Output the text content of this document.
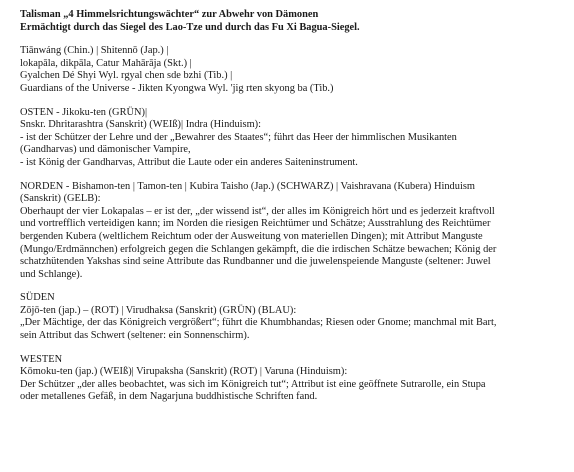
Talisman „4 Himmelsrichtungswächter“ zur Abwehr von Dämonen
Ermächtigt durch das Siegel des Lao-Tze und durch das Fu Xi Bagua-Siegel.
Tiānwáng (Chin.) | Shitennō (Jap.) |
lokapāla, dikpāla, Catur Mahārāja (Skt.) |
Gyalchen Dé Shyi Wyl. rgyal chen sde bzhi (Tib.) |
Guardians of the Universe - Jikten Kyongwa Wyl. 'jig rten skyong ba (Tib.)
OSTEN - Jikoku-ten (GRÜN)|
Snskr. Dhritarashtra (Sanskrit) (WEIß)| Indra (Hinduism):
- ist der Schützer der Lehre und der „Bewahrer des Staates“; führt das Heer der himmlischen Musikanten
(Gandharvas) und dämonischer Vampire,
- ist König der Gandharvas, Attribut die Laute oder ein anderes Saiteninstrument.
NORDEN - Bishamon-ten | Tamon-ten | Kubira Taisho (Jap.) (SCHWARZ) | Vaishravana (Kubera) Hinduism
(Sanskrit) (GELB):
Oberhaupt der vier Lokapalas – er ist der, „der wissend ist“, der alles im Königreich hört und es jederzeit kraftvoll
und vortrefflich verteidigen kann; im Norden die riesigen Reichtümer und Schätze; Ausstrahlung des Reichtümer
bergenden Kubera (weltlichem Reichtum oder der Ausweitung von materiellen Dingen); mit Attribut Manguste
(Mungo/Erdmännchen) erfolgreich gegen die Schlangen gekämpft, die die irdischen Schätze bewachen; König der
schatzhütenden Yakshas sind seine Attribute das Rundbanner und die juwelenspeiende Manguste (seltener: Juwel
und Schlange).
SÜDEN
Zōjō-ten (jap.) – (ROT) | Virudhaksa (Sanskrit) (GRÜN) (BLAU):
„Der Mächtige, der das Königreich vergrößert“; führt die Khumbhandas; Riesen oder Gnome; manchmal mit Bart,
sein Attribut das Schwert (seltener: ein Sonnenschirm).
WESTEN
Kōmoku-ten (jap.) (WEIß)| Virupaksha (Sanskrit) (ROT) | Varuna (Hinduism):
Der Schützer „der alles beobachtet, was sich im Königreich tut“; Attribut ist eine geöffnete Sutrarolle, ein Stupa
oder metallenes Gefäß, in dem Nagarjuna buddhistische Schriften fand.
